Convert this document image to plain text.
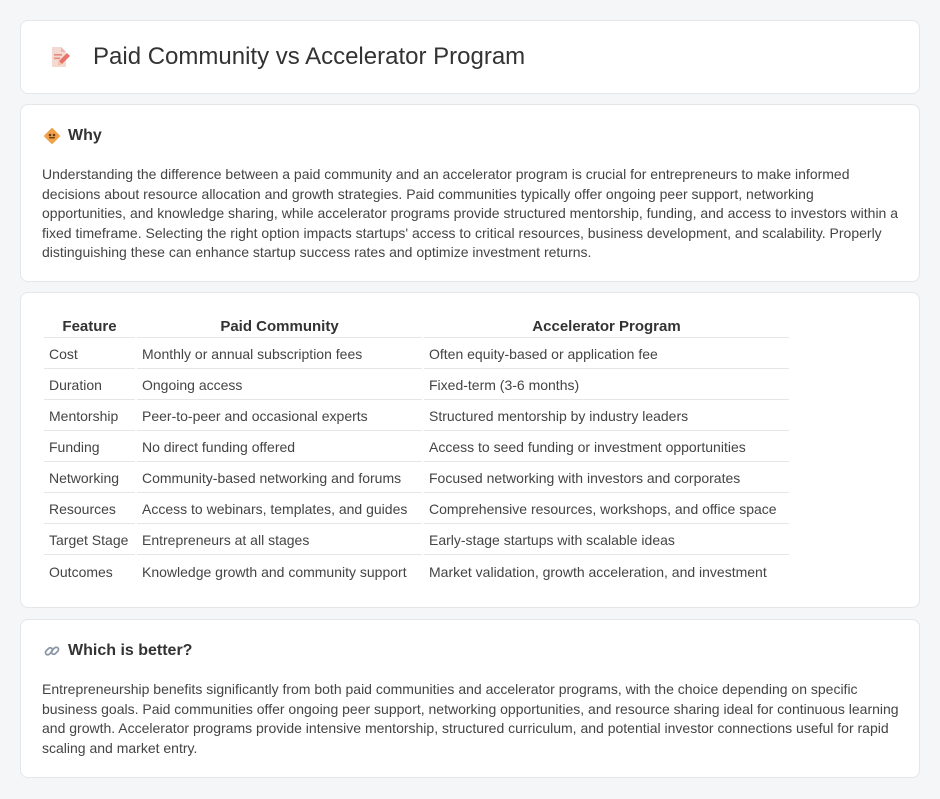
Paid Community vs Accelerator Program
Why

Understanding the difference between a paid community and an accelerator program is crucial for entrepreneurs to make informed decisions about resource allocation and growth strategies. Paid communities typically offer ongoing peer support, networking opportunities, and knowledge sharing, while accelerator programs provide structured mentorship, funding, and access to investors within a fixed timeframe. Selecting the right option impacts startups' access to critical resources, business development, and scalability. Properly distinguishing these can enhance startup success rates and optimize investment returns.

Feature	Paid Community	Accelerator Program
Cost	Monthly or annual subscription fees	Often equity-based or application fee
Duration	Ongoing access	Fixed-term (3-6 months)
Mentorship	Peer-to-peer and occasional experts	Structured mentorship by industry leaders
Funding	No direct funding offered	Access to seed funding or investment opportunities
Networking	Community-based networking and forums	Focused networking with investors and corporates
Resources	Access to webinars, templates, and guides	Comprehensive resources, workshops, and office space
Target Stage	Entrepreneurs at all stages	Early-stage startups with scalable ideas
Outcomes	Knowledge growth and community support	Market validation, growth acceleration, and investment
Which is better?

Entrepreneurship benefits significantly from both paid communities and accelerator programs, with the choice depending on specific business goals. Paid communities offer ongoing peer support, networking opportunities, and resource sharing ideal for continuous learning and growth. Accelerator programs provide intensive mentorship, structured curriculum, and potential investor connections useful for rapid scaling and market entry.
